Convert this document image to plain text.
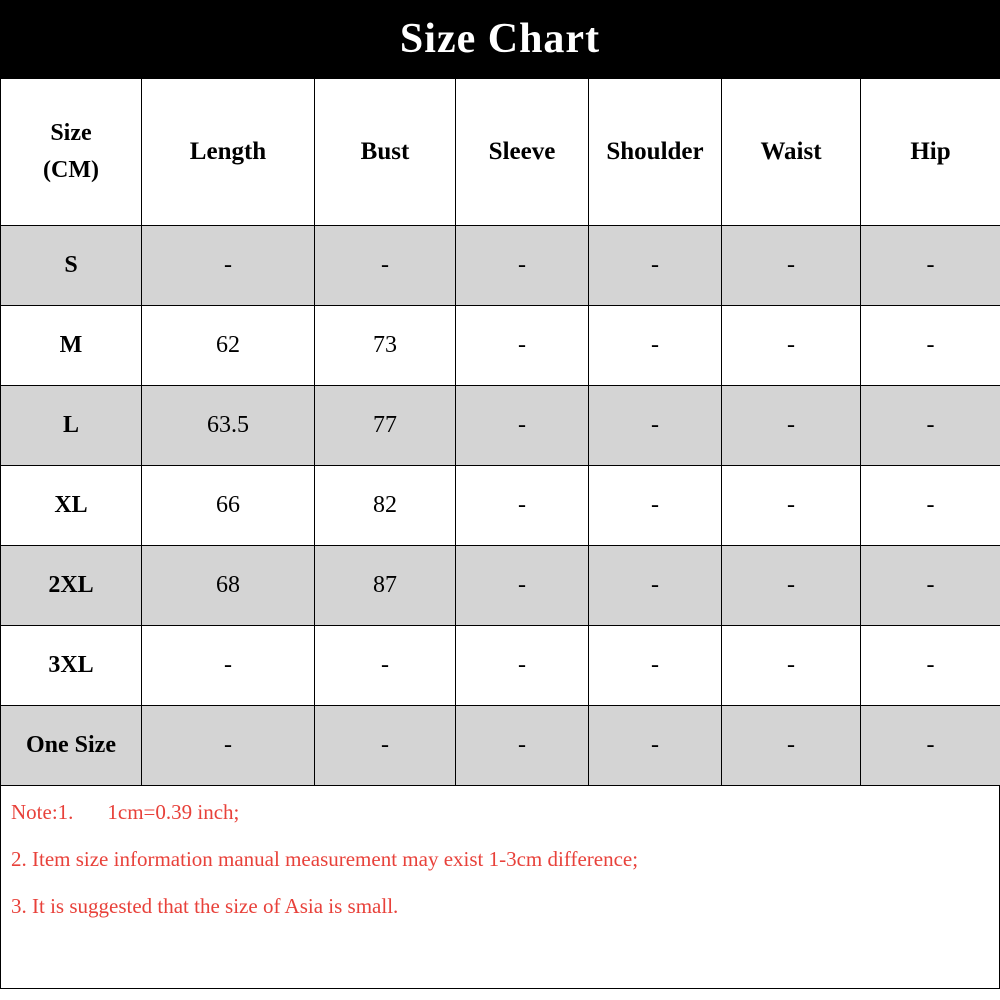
Size Chart
Size
(CM)	Length	Bust	Sleeve	Shoulder	Waist	Hip
S	-	-	-	-	-	-
M	62	73	-	-	-	-
L	63.5	77	-	-	-	-
XL	66	82	-	-	-	-
2XL	68	87	-	-	-	-
3XL	-	-	-	-	-	-
One Size	-	-	-	-	-	-

Note:1. 1cm=0.39 inch;

2. Item size information manual measurement may exist 1-3cm difference;

3. It is suggested that the size of Asia is small.
